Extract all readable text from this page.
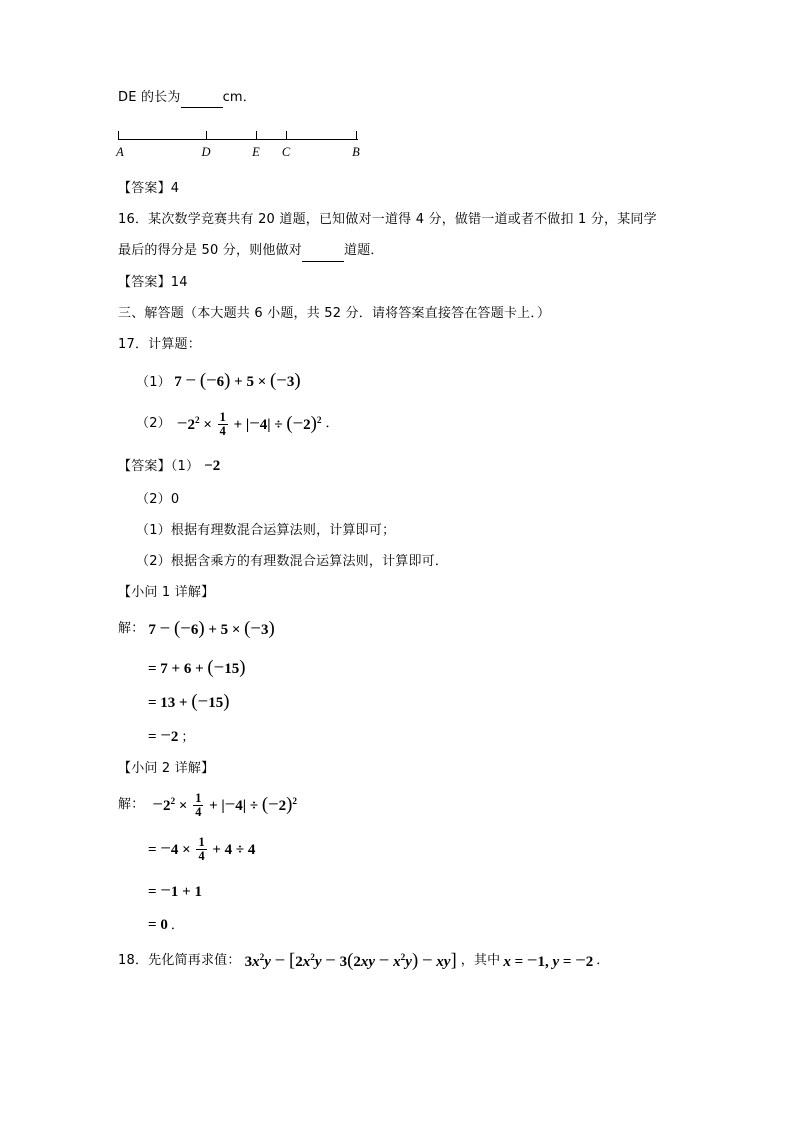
DE 的长为	cm．
A	D	E C	B
【答案】4
16．某次数学竞赛共有 20 道题，已知做对一道得 4 分，做错一道或者不做扣 1 分，某同学
最后的得分是 50 分，则他做对	道题．
【答案】14
三、解答题（本大题共 6 小题，共 52 分．请将答案直接答在答题卡上．）
17．计算题：
（1） 7 − (−6) + 5 × (−3)
$(2) -2^2 \times \frac{1}{4} + |-4| \div (-2)^2$ ．
【答案】（1） −2
（2）0
（1）根据有理数混合运算法则，计算即可；
（2）根据含乘方的有理数混合运算法则，计算即可．
【小问 1 详解】
解： 7 − (−6) + 5 × (−3)
= 7 + 6 + (−15)
= 13 + (−15)
= −2 ；
【小问 2 详解】
解： $-2^2 \times \frac{1}{4} + |-4| \div (-2)^2$
= $-4 \times \frac{1}{4} + 4 \div 4$
= −1 + 1
= 0 ．
18． 先化简再求值： $3x^2y - [2x^2y - 3(2xy - x^2y) - xy]$ ，其中 x = −1, y = −2 ．
